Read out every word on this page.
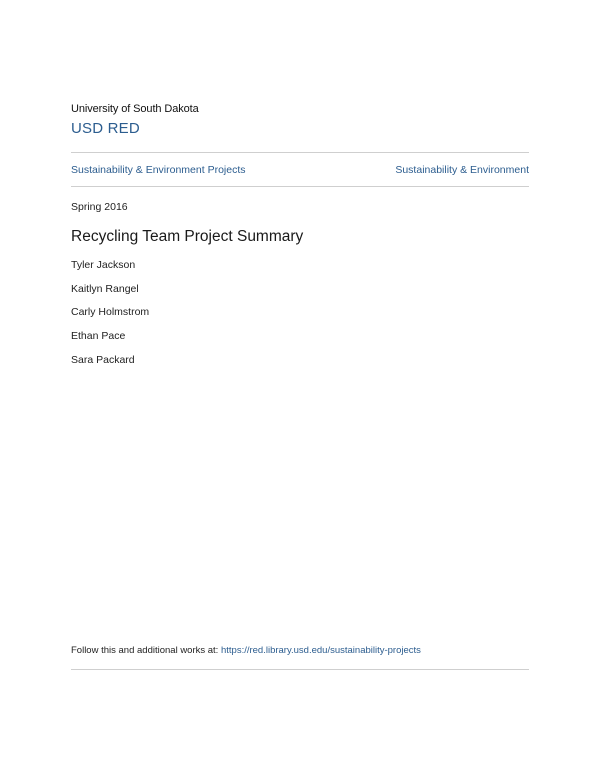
University of South Dakota
USD RED
Sustainability & Environment Projects	Sustainability & Environment
Spring 2016
Recycling Team Project Summary
Tyler Jackson
Kaitlyn Rangel
Carly Holmstrom
Ethan Pace
Sara Packard
Follow this and additional works at: https://red.library.usd.edu/sustainability-projects
